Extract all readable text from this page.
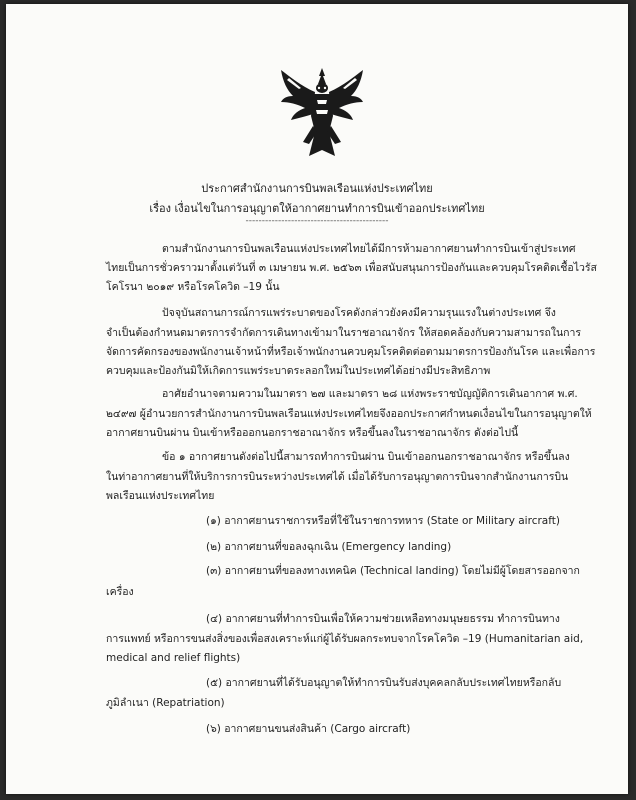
ประกาศสำนักงานการบินพลเรือนแห่งประเทศไทย
เรื่อง เงื่อนไขในการอนุญาตให้อากาศยานทำการบินเข้าออกประเทศไทย
--------------------------------------------
ตามสำนักงานการบินพลเรือนแห่งประเทศไทยได้มีการห้ามอากาศยานทำการบินเข้าสู่ประเทศ
ไทยเป็นการชั่วคราวมาตั้งแต่วันที่ ๓ เมษายน พ.ศ. ๒๕๖๓ เพื่อสนับสนุนการป้องกันและควบคุมโรคติดเชื้อไวรัส
โคโรนา ๒๐๑๙ หรือโรคโควิด –19 นั้น
ปัจจุบันสถานการณ์การแพร่ระบาดของโรคดังกล่าวยังคงมีความรุนแรงในต่างประเทศ จึง
จำเป็นต้องกำหนดมาตรการจำกัดการเดินทางเข้ามาในราชอาณาจักร ให้สอดคล้องกับความสามารถในการ
จัดการคัดกรองของพนักงานเจ้าหน้าที่หรือเจ้าพนักงานควบคุมโรคติดต่อตามมาตรการป้องกันโรค และเพื่อการ
ควบคุมและป้องกันมิให้เกิดการแพร่ระบาดระลอกใหม่ในประเทศได้อย่างมีประสิทธิภาพ
อาศัยอำนาจตามความในมาตรา ๒๗ และมาตรา ๒๘ แห่งพระราชบัญญัติการเดินอากาศ พ.ศ.
๒๔๙๗ ผู้อำนวยการสำนักงานการบินพลเรือนแห่งประเทศไทยจึงออกประกาศกำหนดเงื่อนไขในการอนุญาตให้
อากาศยานบินผ่าน บินเข้าหรือออกนอกราชอาณาจักร หรือขึ้นลงในราชอาณาจักร ดังต่อไปนี้
ข้อ ๑ อากาศยานดังต่อไปนี้สามารถทำการบินผ่าน บินเข้าออกนอกราชอาณาจักร หรือขึ้นลง
ในท่าอากาศยานที่ให้บริการการบินระหว่างประเทศได้ เมื่อได้รับการอนุญาตการบินจากสำนักงานการบิน
พลเรือนแห่งประเทศไทย
(๑) อากาศยานราชการหรือที่ใช้ในราชการทหาร (State or Military aircraft)
(๒) อากาศยานที่ขอลงฉุกเฉิน (Emergency landing)
(๓) อากาศยานที่ขอลงทางเทคนิค (Technical landing) โดยไม่มีผู้โดยสารออกจาก
เครื่อง
(๔) อากาศยานที่ทำการบินเพื่อให้ความช่วยเหลือทางมนุษยธรรม ทำการบินทาง
การแพทย์ หรือการขนส่งสิ่งของเพื่อสงเคราะห์แก่ผู้ได้รับผลกระทบจากโรคโควิด –19 (Humanitarian aid,
medical and relief flights)
(๕) อากาศยานที่ได้รับอนุญาตให้ทำการบินรับส่งบุคคลกลับประเทศไทยหรือกลับ
ภูมิลำเนา (Repatriation)
(๖) อากาศยานขนส่งสินค้า (Cargo aircraft)
